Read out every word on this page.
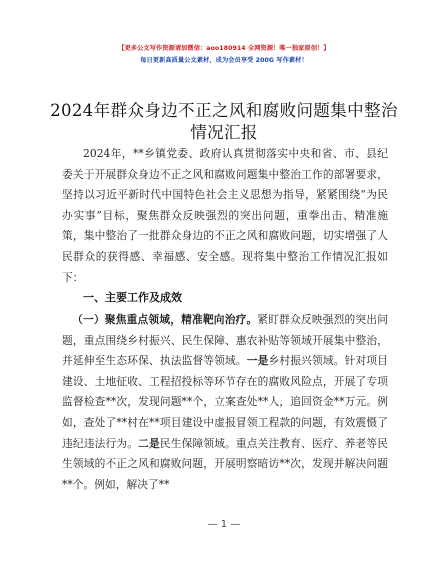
【更多公文写作资源请加微信：aoo180914 全网资源！唯一独家原创！】
每日更新高质量公文素材，成为会员享受 200G 写作素材！
2024年群众身边不正之风和腐败问题集中整治
情况汇报

2024年，**乡镇党委、政府认真贯彻落实中央和省、市、县纪委关于开展群众身边不正之风和腐败问题集中整治工作的部署要求，坚持以习近平新时代中国特色社会主义思想为指导，紧紧围绕“为民办实事”目标，聚焦群众反映强烈的突出问题，重拳出击、精准施策，集中整治了一批群众身边的不正之风和腐败问题，切实增强了人民群众的获得感、幸福感、安全感。现将集中整治工作情况汇报如下：

一、主要工作及成效

（一）聚焦重点领域，精准靶向治疗。紧盯群众反映强烈的突出问题，重点围绕乡村振兴、民生保障、惠农补贴等领域开展集中整治，并延伸至生态环保、执法监督等领域。一是乡村振兴领域。针对项目建设、土地征收、工程招投标等环节存在的腐败风险点，开展了专项监督检查**次，发现问题**个，立案查处**人，追回资金**万元。例如，查处了**村在**项目建设中虚报冒领工程款的问题，有效震慑了违纪违法行为。二是民生保障领域。重点关注教育、医疗、养老等民生领域的不正之风和腐败问题，开展明察暗访**次，发现并解决问题**个。例如，解决了**

— 1 —
